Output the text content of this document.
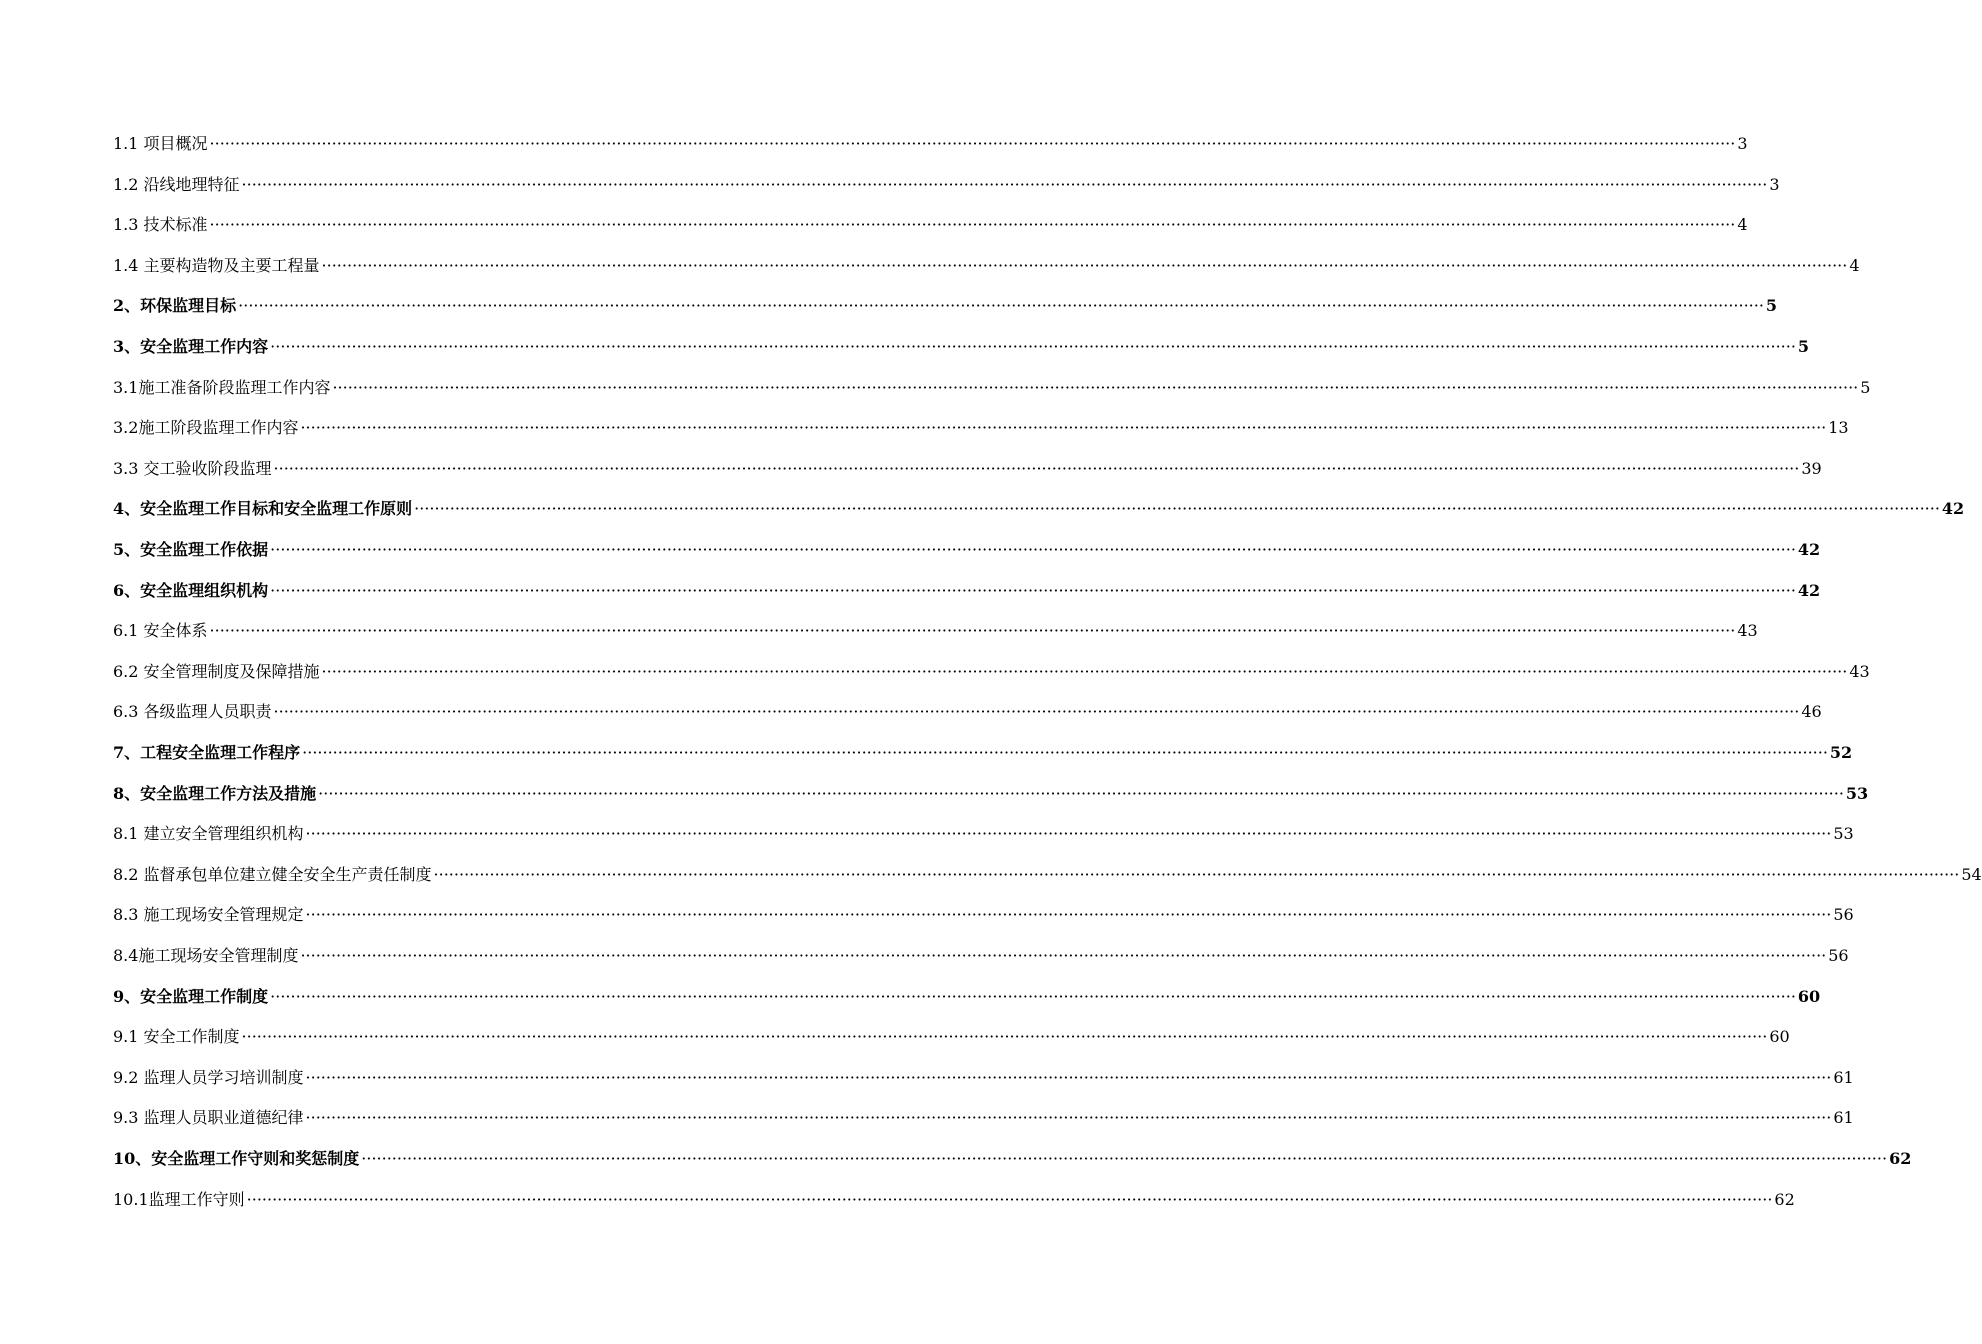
1.1 项目概况 ············································································································································································································································································································ 3
1.2 沿线地理特征 ············································································································································································································································································································ 3
1.3 技术标准 ············································································································································································································································································································ 4
1.4 主要构造物及主要工程量 ············································································································································································································································································································ 4
2、环保监理目标 ············································································································································································································································································································ 5
3、安全监理工作内容 ············································································································································································································································································································ 5
3.1施工准备阶段监理工作内容 ············································································································································································································································································································ 5
3.2施工阶段监理工作内容 ············································································································································································································································································································ 13
3.3 交工验收阶段监理 ············································································································································································································································································································ 39
4、安全监理工作目标和安全监理工作原则 ············································································································································································································································································································ 42
5、安全监理工作依据 ············································································································································································································································································································ 42
6、安全监理组织机构 ············································································································································································································································································································ 42
6.1 安全体系 ············································································································································································································································································································ 43
6.2 安全管理制度及保障措施 ············································································································································································································································································································ 43
6.3 各级监理人员职责 ············································································································································································································································································································ 46
7、工程安全监理工作程序 ············································································································································································································································································································ 52
8、安全监理工作方法及措施 ············································································································································································································································································································ 53
8.1 建立安全管理组织机构 ············································································································································································································································································································ 53
8.2 监督承包单位建立健全安全生产责任制度 ············································································································································································································································································································ 54
8.3 施工现场安全管理规定 ············································································································································································································································································································ 56
8.4施工现场安全管理制度 ············································································································································································································································································································ 56
9、安全监理工作制度 ············································································································································································································································································································ 60
9.1 安全工作制度 ············································································································································································································································································································ 60
9.2 监理人员学习培训制度 ············································································································································································································································································································ 61
9.3 监理人员职业道德纪律 ············································································································································································································································································································ 61
10、安全监理工作守则和奖惩制度 ············································································································································································································································································································ 62
10.1监理工作守则 ············································································································································································································································································································ 62
